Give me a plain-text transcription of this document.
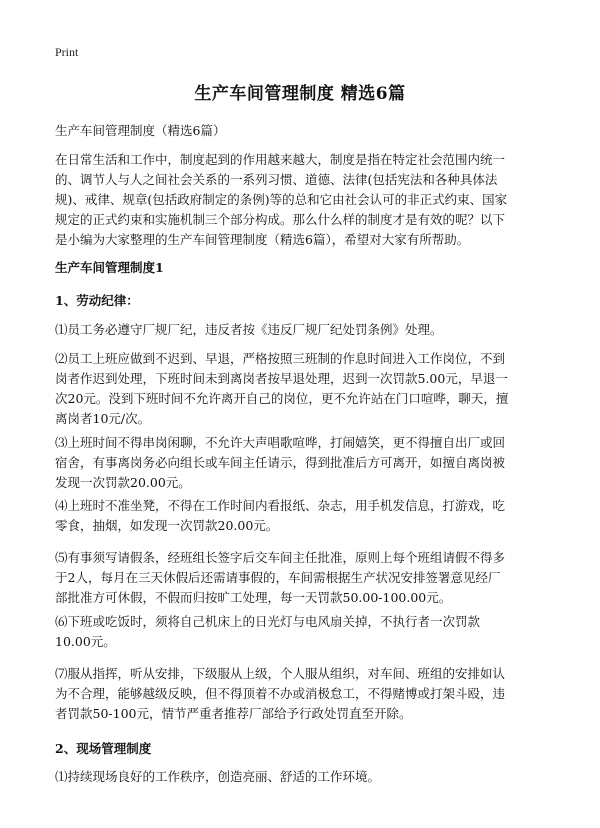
Print
生产车间管理制度 精选6篇
生产车间管理制度（精选6篇）

在日常生活和工作中，制度起到的作用越来越大，制度是指在特定社会范围内统一
的、调节人与人之间社会关系的一系列习惯、道德、法律(包括宪法和各种具体法
规)、戒律、规章(包括政府制定的条例)等的总和它由社会认可的非正式约束、国家
规定的正式约束和实施机制三个部分构成。那么什么样的制度才是有效的呢？以下
是小编为大家整理的生产车间管理制度（精选6篇），希望对大家有所帮助。

生产车间管理制度1
1、劳动纪律：

⑴员工务必遵守厂规厂纪，违反者按《违反厂规厂纪处罚条例》处理。

⑵员工上班应做到不迟到、早退，严格按照三班制的作息时间进入工作岗位，不到
岗者作迟到处理，下班时间未到离岗者按早退处理，迟到一次罚款5.00元，早退一
次20元。没到下班时间不允许离开自己的岗位，更不允许站在门口喧哗，聊天，擅
离岗者10元/次。

⑶上班时间不得串岗闲聊，不允许大声唱歌喧哗，打闹嬉笑，更不得擅自出厂或回
宿舍，有事离岗务必向组长或车间主任请示，得到批准后方可离开，如擅自离岗被
发现一次罚款20.00元。

⑷上班时不准坐凳，不得在工作时间内看报纸、杂志，用手机发信息，打游戏，吃
零食，抽烟，如发现一次罚款20.00元。

⑸有事须写请假条，经班组长签字后交车间主任批准，原则上每个班组请假不得多
于2人，每月在三天休假后还需请事假的，车间需根据生产状况安排签署意见经厂
部批准方可休假，不假而归按旷工处理，每一天罚款50.00-100.00元。

⑹下班或吃饭时，须将自己机床上的日光灯与电风扇关掉，不执行者一次罚款
10.00元。

⑺服从指挥，听从安排，下级服从上级，个人服从组织，对车间、班组的安排如认
为不合理，能够越级反映，但不得顶着不办或消极怠工，不得赌博或打架斗殴，违
者罚款50-100元，情节严重者推荐厂部给予行政处罚直至开除。

2、现场管理制度

⑴持续现场良好的工作秩序，创造亮丽、舒适的工作环境。
